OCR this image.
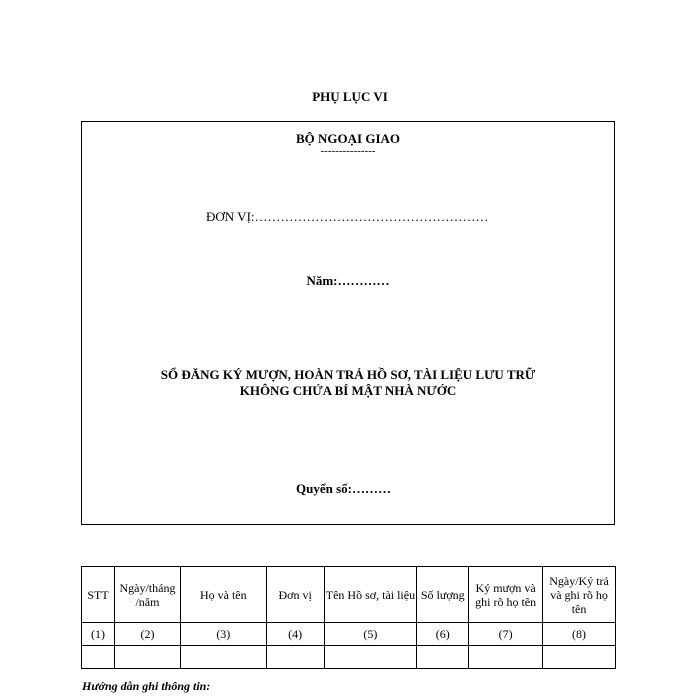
PHỤ LỤC VI
BỘ NGOẠI GIAO
---------------
ĐƠN VỊ:………………………………………………
Năm:…………
SỔ ĐĂNG KÝ MƯỢN, HOÀN TRẢ HỒ SƠ, TÀI LIỆU LƯU TRỮ
KHÔNG CHỨA BÍ MẬT NHÀ NƯỚC
Quyển số:………
STT	Ngày/tháng /năm	Họ và tên	Đơn vị	Tên Hồ sơ, tài liệu	Số lượng	Ký mượn và ghi rõ họ tên	Ngày/Ký trả và ghi rõ họ tên
(1)	(2)	(3)	(4)	(5)	(6)	(7)	(8)

Hướng dẫn ghi thông tin:
